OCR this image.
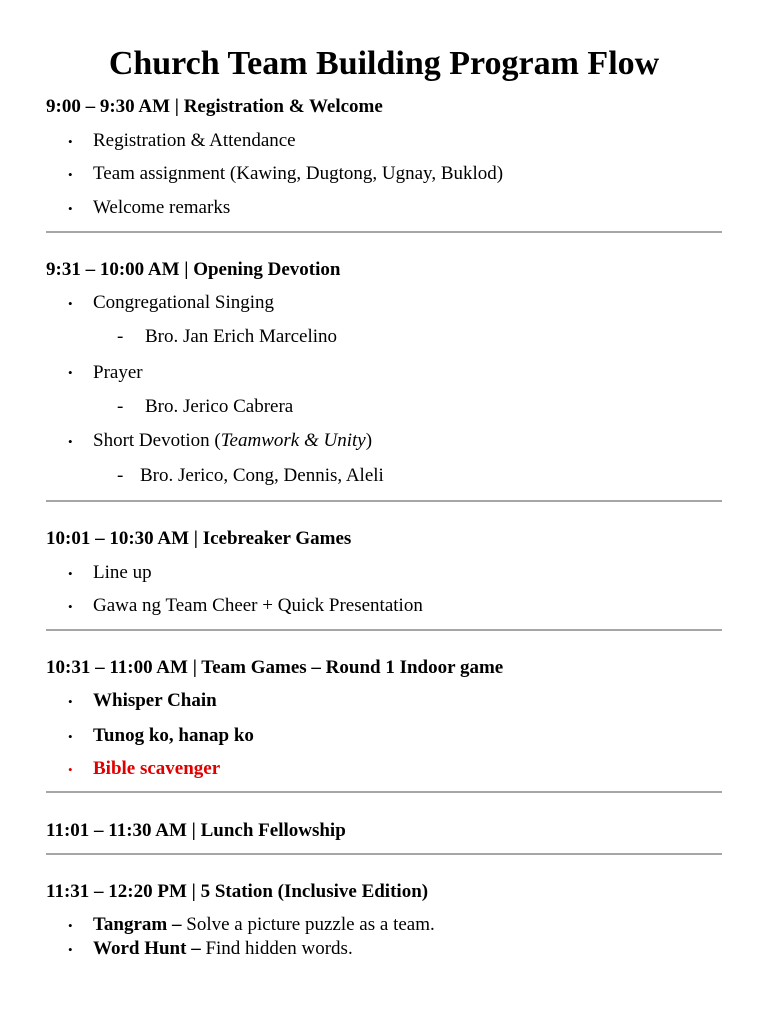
Church Team Building Program Flow
9:00 – 9:30 AM | Registration & Welcome
• Registration & Attendance
• Team assignment (Kawing, Dugtong, Ugnay, Buklod)
• Welcome remarks
9:31 – 10:00 AM | Opening Devotion
• Congregational Singing
- Bro. Jan Erich Marcelino
• Prayer
- Bro. Jerico Cabrera
• Short Devotion (Teamwork & Unity)
- Bro. Jerico, Cong, Dennis, Aleli
10:01 – 10:30 AM | Icebreaker Games
• Line up
• Gawa ng Team Cheer + Quick Presentation
10:31 – 11:00 AM | Team Games – Round 1 Indoor game
• Whisper Chain
• Tunog ko, hanap ko
• Bible scavenger
11:01 – 11:30 AM | Lunch Fellowship
11:31 – 12:20 PM | 5 Station (Inclusive Edition)
• Tangram – Solve a picture puzzle as a team.
• Word Hunt – Find hidden words.
